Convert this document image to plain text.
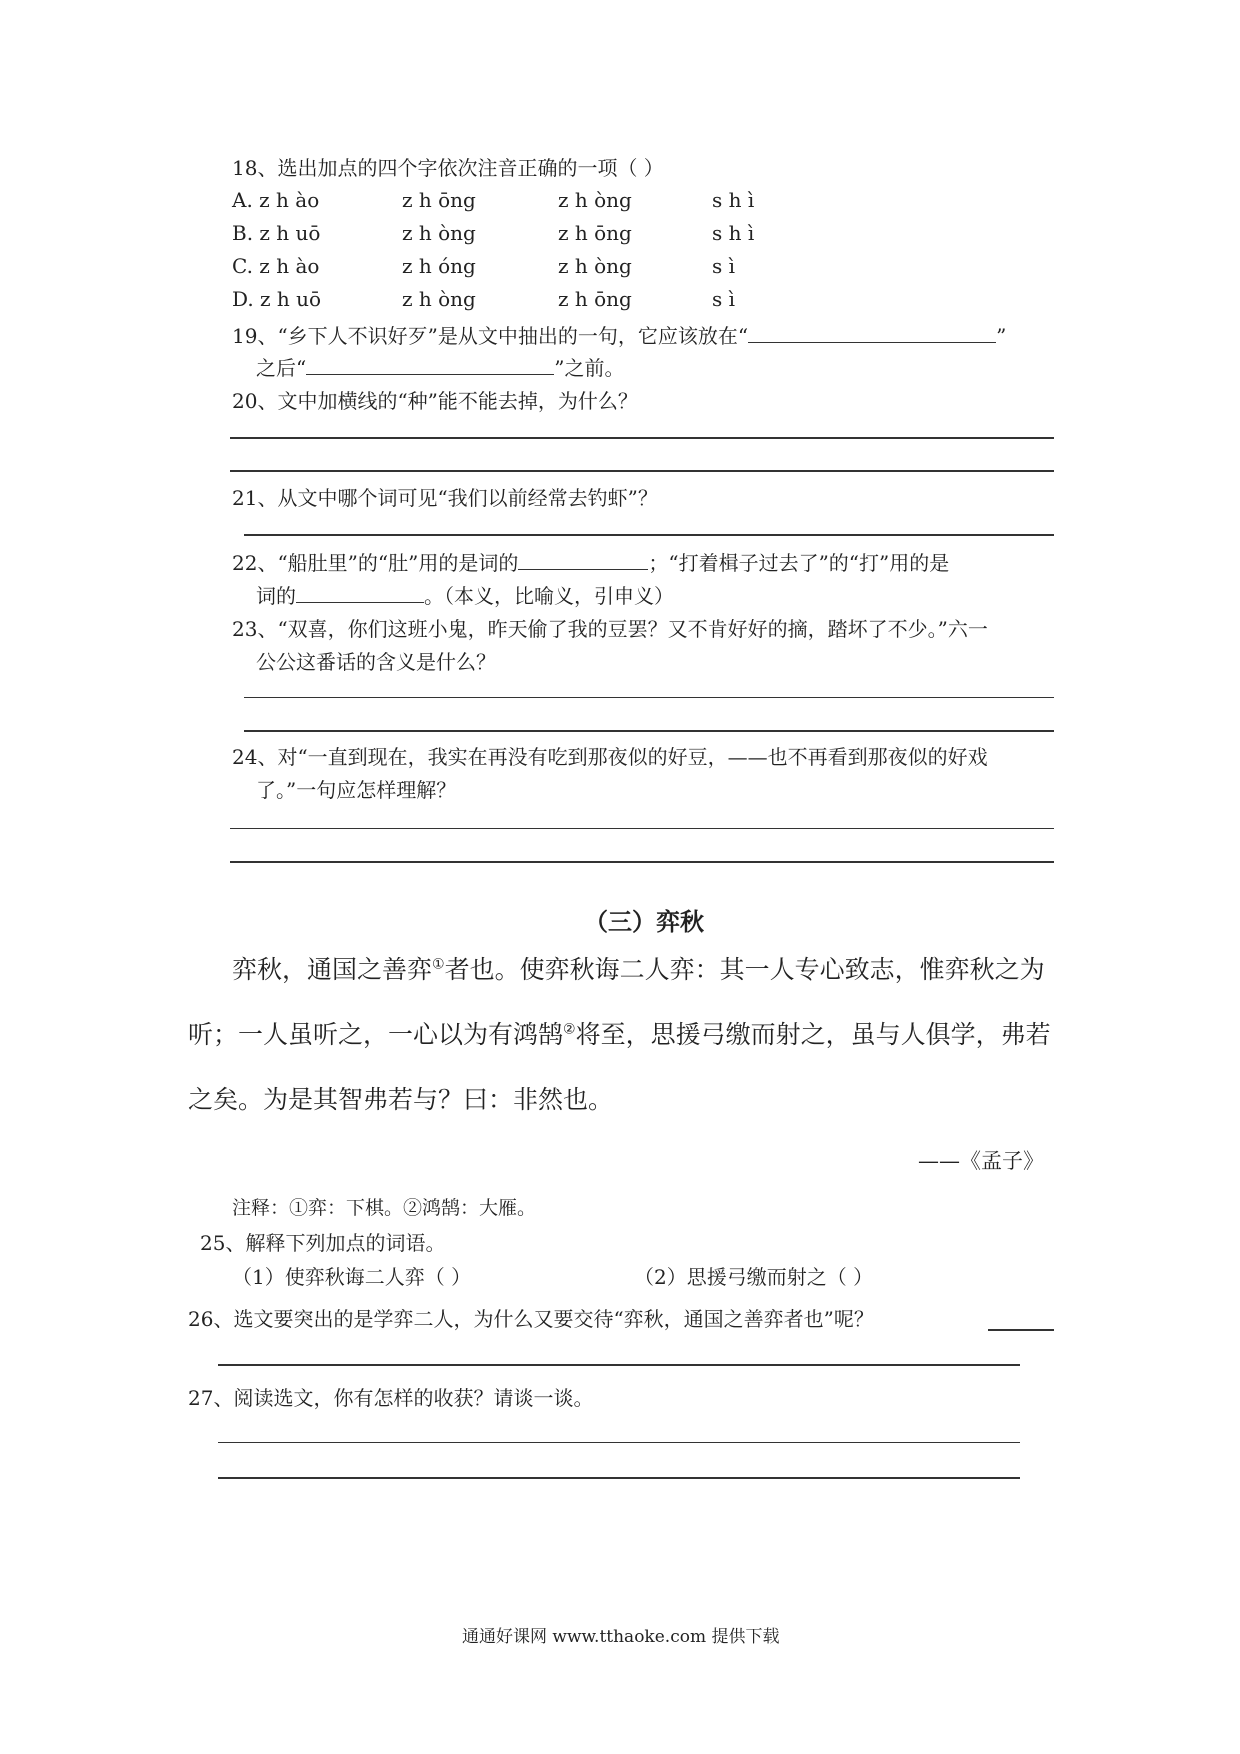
18、选出加点的四个字依次注音正确的一项（ ）
A. z h ào	z h ōng	z h òng	s h ì
B. z h uō	z h òng	z h ōng	s h ì
C. z h ào	z h óng	z h òng	s ì
D. z h uō	z h òng	z h ōng	s ì
19、“乡下人不识好歹”是从文中抽出的一句，它应该放在“	”
之后“	”之前。
20、文中加横线的“种”能不能去掉，为什么？
21、从文中哪个词可见“我们以前经常去钓虾”？
22、“船肚里”的“肚”用的是词的	；“打着楫子过去了”的“打”用的是
词的	。（本义，比喻义，引申义）
23、“双喜，你们这班小鬼，昨天偷了我的豆罢？又不肯好好的摘，踏坏了不少。”六一
公公这番话的含义是什么？
24、对“一直到现在，我实在再没有吃到那夜似的好豆，——也不再看到那夜似的好戏
了。”一句应怎样理解？
（三）弈秋
弈秋，通国之善弈①者也。使弈秋诲二人弈：其一人专心致志，惟弈秋之为
听；一人虽听之，一心以为有鸿鹄②将至，思援弓缴而射之，虽与人俱学，弗若
之矣。为是其智弗若与？曰：非然也。
——《孟子》
注释：①弈：下棋。②鸿鹄：大雁。
25、解释下列加点的词语。
（1）使弈秋诲二人弈（ ）	（2）思援弓缴而射之（ ）
26、选文要突出的是学弈二人，为什么又要交待“弈秋，通国之善弈者也”呢？
27、阅读选文，你有怎样的收获？请谈一谈。
通通好课网 www.tthaoke.com 提供下载
